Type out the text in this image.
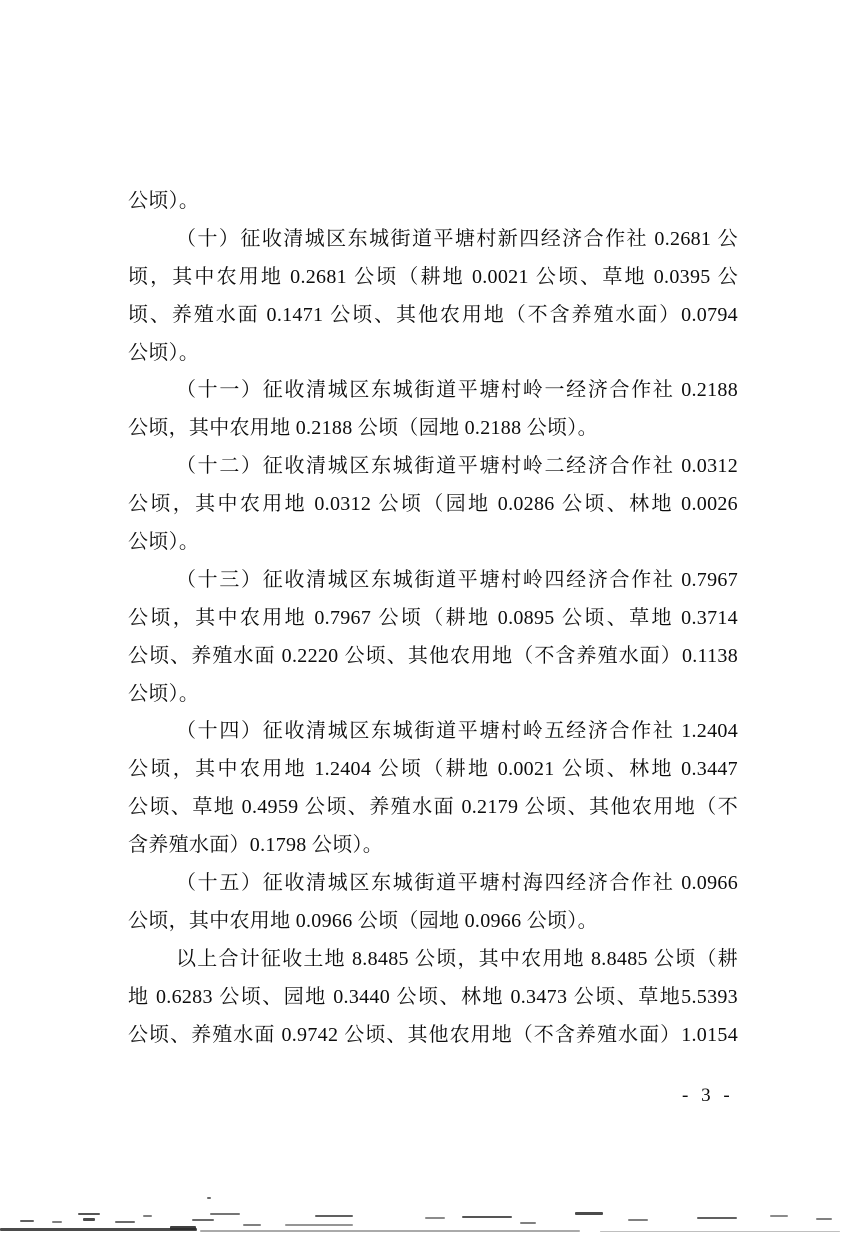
公顷）。
（十）征收清城区东城街道平塘村新四经济合作社 0.2681 公
顷，其中农用地 0.2681 公顷（耕地 0.0021 公顷、草地 0.0395 公
顷、养殖水面 0.1471 公顷、其他农用地（不含养殖水面）0.0794
公顷）。
（十一）征收清城区东城街道平塘村岭一经济合作社 0.2188
公顷，其中农用地 0.2188 公顷（园地 0.2188 公顷）。
（十二）征收清城区东城街道平塘村岭二经济合作社 0.0312
公顷，其中农用地 0.0312 公顷（园地 0.0286 公顷、林地 0.0026
公顷）。
（十三）征收清城区东城街道平塘村岭四经济合作社 0.7967
公顷，其中农用地 0.7967 公顷（耕地 0.0895 公顷、草地 0.3714
公顷、养殖水面 0.2220 公顷、其他农用地（不含养殖水面）0.1138
公顷）。
（十四）征收清城区东城街道平塘村岭五经济合作社 1.2404
公顷，其中农用地 1.2404 公顷（耕地 0.0021 公顷、林地 0.3447
公顷、草地 0.4959 公顷、养殖水面 0.2179 公顷、其他农用地（不
含养殖水面）0.1798 公顷）。
（十五）征收清城区东城街道平塘村海四经济合作社 0.0966
公顷，其中农用地 0.0966 公顷（园地 0.0966 公顷）。
以上合计征收土地 8.8485 公顷，其中农用地 8.8485 公顷（耕
地 0.6283 公顷、园地 0.3440 公顷、林地 0.3473 公顷、草地5.5393
公顷、养殖水面 0.9742 公顷、其他农用地（不含养殖水面）1.0154
- 3 -
